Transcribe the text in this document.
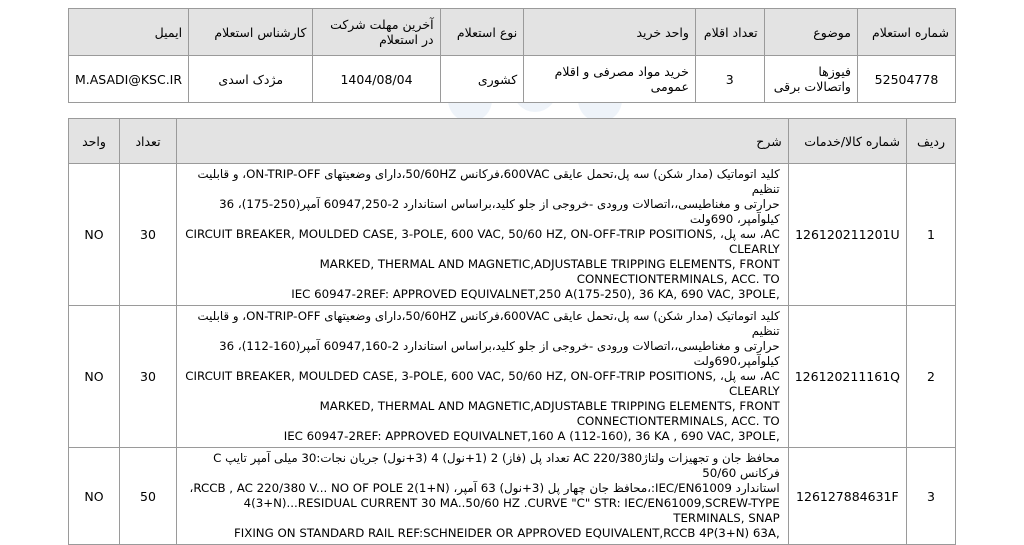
شماره استعلام	موضوع	تعداد اقلام	واحد خرید	نوع استعلام	آخرین مهلت شرکت در استعلام	کارشناس استعلام	ایمیل
52504778	فیوزها واتصالات برقی	3	خرید مواد مصرفی و اقلام عمومی	کشوری	1404/08/04	مژدک اسدی	M.ASADI@KSC.IR
ردیف	شماره کالا/خدمات	شرح	تعداد	واحد
1	126120211201U	کلید اتوماتیک (مدار شکن) سه پل،تحمل عایقی 600VAC،فرکانس 50/60HZ،دارای وضعیتهای ON-TRIP-OFF، و قابلیت تنظیم
حرارتی و مغناطیسی،،اتصالات ورودی -خروجی از جلو کلید،براساس استاندارد 2-60947,250 آمپر(250-175)، 36 کیلوآمپر، 690ولت
AC، سه پل، CIRCUIT BREAKER, MOULDED CASE, 3-POLE, 600 VAC, 50/60 HZ, ON-OFF-TRIP POSITIONS, CLEARLY
MARKED, THERMAL AND MAGNETIC,ADJUSTABLE TRIPPING ELEMENTS, FRONT CONNECTIONTERMINALS, ACC. TO
IEC 60947-2REF: APPROVED EQUIVALNET,250 A(175-250), 36 KA, 690 VAC, 3POLE,	30	NO
2	126120211161Q	کلید اتوماتیک (مدار شکن) سه پل،تحمل عایقی 600VAC،فرکانس 50/60HZ،دارای وضعیتهای ON-TRIP-OFF، و قابلیت تنظیم
حرارتی و مغناطیسی،،اتصالات ورودی -خروجی از جلو کلید،براساس استاندارد 2-60947,160 آمپر(160-112)، 36 کیلوآمپر،690ولت
AC، سه پل، CIRCUIT BREAKER, MOULDED CASE, 3-POLE, 600 VAC, 50/60 HZ, ON-OFF-TRIP POSITIONS, CLEARLY
MARKED, THERMAL AND MAGNETIC,ADJUSTABLE TRIPPING ELEMENTS, FRONT CONNECTIONTERMINALS, ACC. TO
IEC 60947-2REF: APPROVED EQUIVALNET,160 A (112-160), 36 KA , 690 VAC, 3POLE,	30	NO
3	126127884631F	محافظ جان و تجهیزات ولتاژ220/380 AC تعداد پل (فاز) 2 (1+نول) 4 (3+نول) جریان نجات:30 میلی آمپر تایپ C فرکانس 50/60
استاندارد IEC/EN61009:،محافظ جان چهار پل (3+نول) 63 آمپر، RCCB , AC 220/380 V... NO OF POLE 2(1+N)،
4(3+N)...RESIDUAL CURRENT 30 MA..50/60 HZ .CURVE "C" STR: IEC/EN61009,SCREW-TYPE TERMINALS, SNAP
FIXING ON STANDARD RAIL REF:SCHNEIDER OR APPROVED EQUIVALENT,RCCB 4P(3+N) 63A,	50	NO
